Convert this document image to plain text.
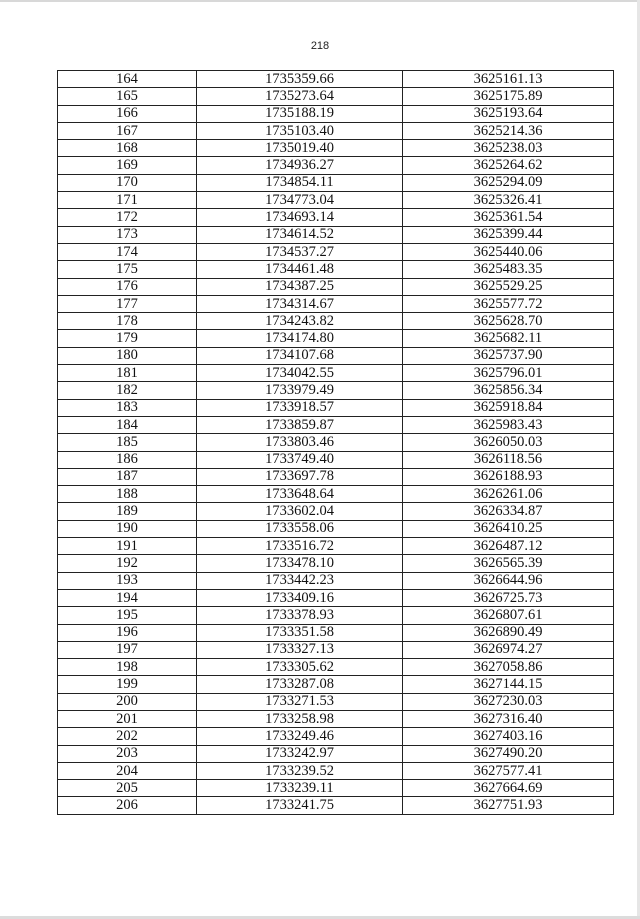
218
164	1735359.66	3625161.13
165	1735273.64	3625175.89
166	1735188.19	3625193.64
167	1735103.40	3625214.36
168	1735019.40	3625238.03
169	1734936.27	3625264.62
170	1734854.11	3625294.09
171	1734773.04	3625326.41
172	1734693.14	3625361.54
173	1734614.52	3625399.44
174	1734537.27	3625440.06
175	1734461.48	3625483.35
176	1734387.25	3625529.25
177	1734314.67	3625577.72
178	1734243.82	3625628.70
179	1734174.80	3625682.11
180	1734107.68	3625737.90
181	1734042.55	3625796.01
182	1733979.49	3625856.34
183	1733918.57	3625918.84
184	1733859.87	3625983.43
185	1733803.46	3626050.03
186	1733749.40	3626118.56
187	1733697.78	3626188.93
188	1733648.64	3626261.06
189	1733602.04	3626334.87
190	1733558.06	3626410.25
191	1733516.72	3626487.12
192	1733478.10	3626565.39
193	1733442.23	3626644.96
194	1733409.16	3626725.73
195	1733378.93	3626807.61
196	1733351.58	3626890.49
197	1733327.13	3626974.27
198	1733305.62	3627058.86
199	1733287.08	3627144.15
200	1733271.53	3627230.03
201	1733258.98	3627316.40
202	1733249.46	3627403.16
203	1733242.97	3627490.20
204	1733239.52	3627577.41
205	1733239.11	3627664.69
206	1733241.75	3627751.93
